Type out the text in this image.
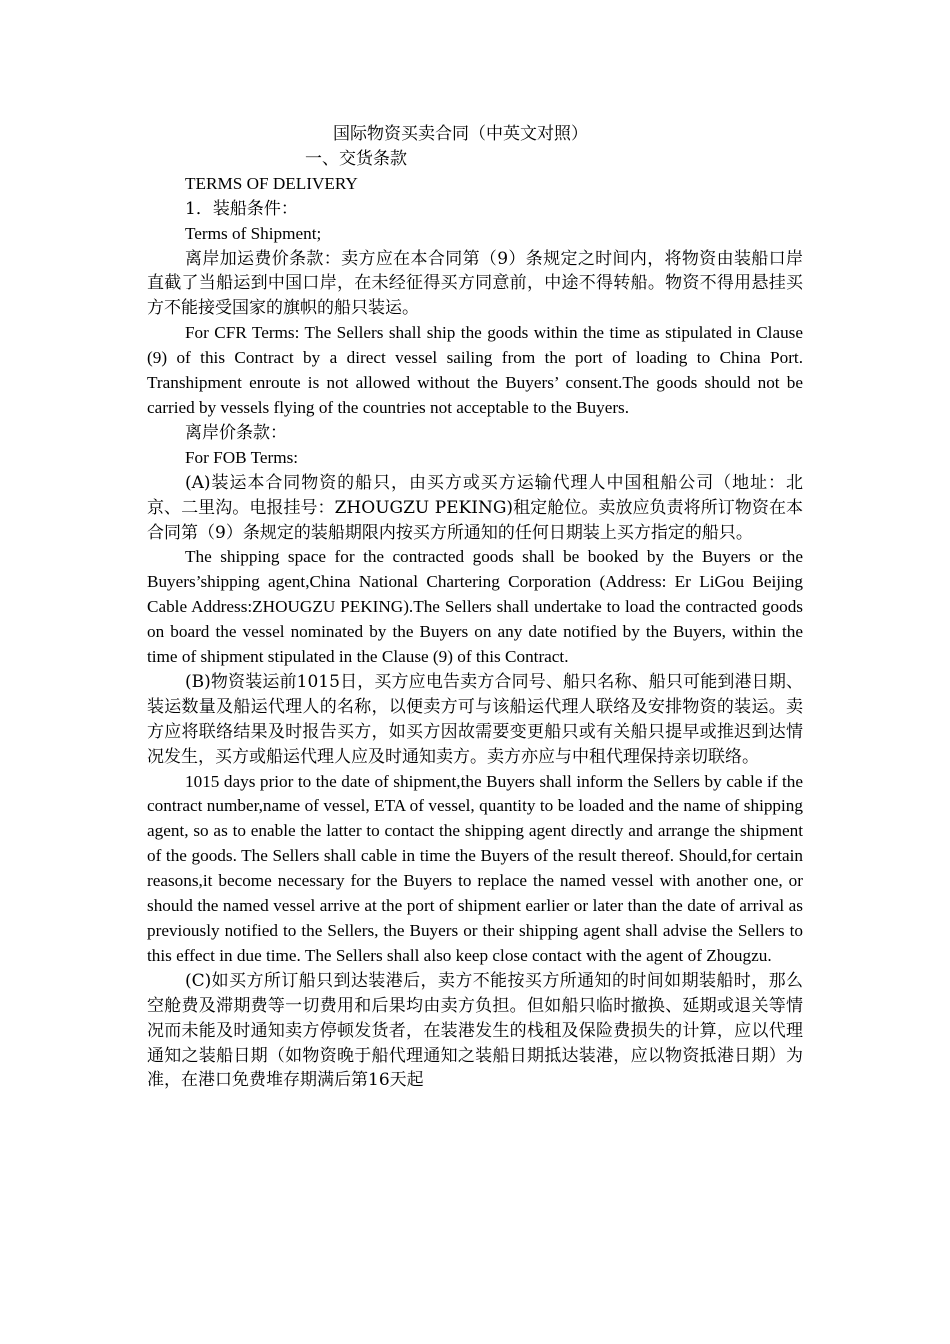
国际物资买卖合同（中英文对照）

一、交货条款

TERMS OF DELIVERY

1．装船条件：

Terms of Shipment;

离岸加运费价条款：卖方应在本合同第（9）条规定之时间内，将物资由装船口岸直截了当船运到中国口岸，在未经征得买方同意前，中途不得转船。物资不得用悬挂买方不能接受国家的旗帜的船只装运。

For CFR Terms: The Sellers shall ship the goods within the time as stipulated in Clause (9) of this Contract by a direct vessel sailing from the port of loading to China Port. Transhipment enroute is not allowed without the Buyers’ consent.The goods should not be carried by vessels flying of the countries not acceptable to the Buyers.

离岸价条款：

For FOB Terms:

(A)装运本合同物资的船只，由买方或买方运输代理人中国租船公司（地址：北京、二里沟。电报挂号：ZHOUGZU PEKING)租定舱位。卖放应负责将所订物资在本合同第（9）条规定的装船期限内按买方所通知的任何日期装上买方指定的船只。

The shipping space for the contracted goods shall be booked by the Buyers or the Buyers’shipping agent,China National Chartering Corporation (Address: Er LiGou Beijing Cable Address:ZHOUGZU PEKING).The Sellers shall undertake to load the contracted goods on board the vessel nominated by the Buyers on any date notified by the Buyers, within the time of shipment stipulated in the Clause (9) of this Contract.

(B)物资装运前1015日，买方应电告卖方合同号、船只名称、船只可能到港日期、装运数量及船运代理人的名称，以便卖方可与该船运代理人联络及安排物资的装运。卖方应将联络结果及时报告买方，如买方因故需要变更船只或有关船只提早或推迟到达情况发生，买方或船运代理人应及时通知卖方。卖方亦应与中租代理保持亲切联络。

1015 days prior to the date of shipment,the Buyers shall inform the Sellers by cable if the contract number,name of vessel, ETA of vessel, quantity to be loaded and the name of shipping agent, so as to enable the latter to contact the shipping agent directly and arrange the shipment of the goods. The Sellers shall cable in time the Buyers of the result thereof. Should,for certain reasons,it become necessary for the Buyers to replace the named vessel with another one, or should the named vessel arrive at the port of shipment earlier or later than the date of arrival as previously notified to the Sellers, the Buyers or their shipping agent shall advise the Sellers to this effect in due time. The Sellers shall also keep close contact with the agent of Zhougzu.

(C)如买方所订船只到达装港后，卖方不能按买方所通知的时间如期装船时，那么空舱费及滞期费等一切费用和后果均由卖方负担。但如船只临时撤换、延期或退关等情况而未能及时通知卖方停顿发货者，在装港发生的栈租及保险费损失的计算，应以代理通知之装船日期（如物资晚于船代理通知之装船日期抵达装港，应以物资抵港日期）为准，在港口免费堆存期满后第16天起
